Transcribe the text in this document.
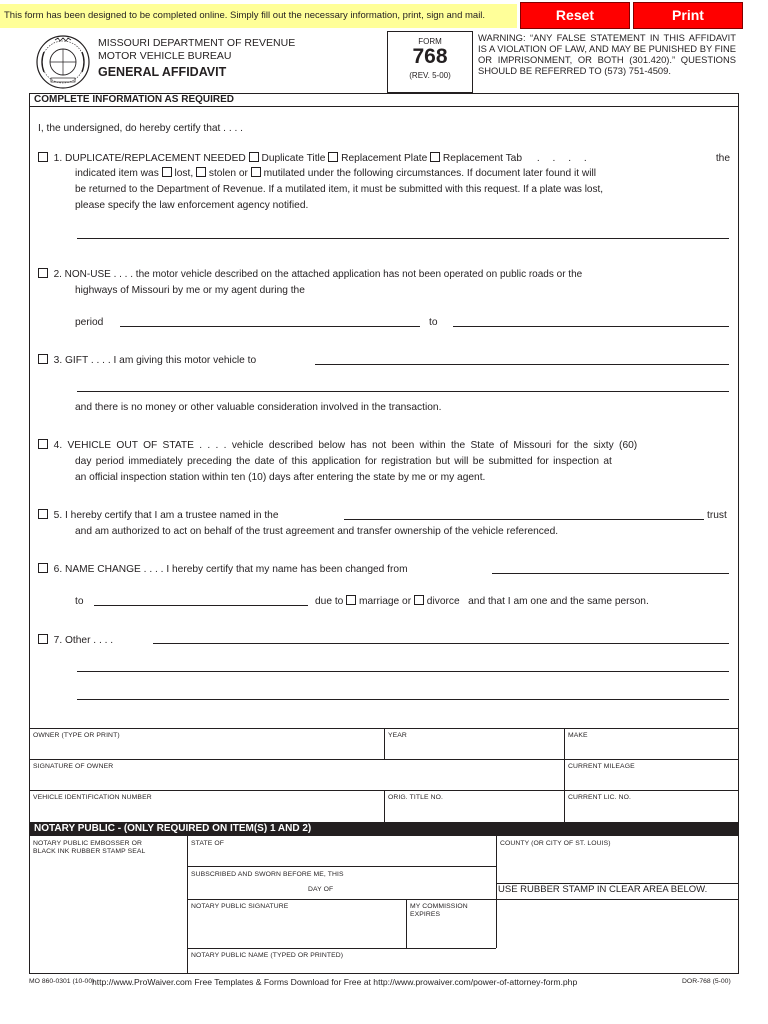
This form has been designed to be completed online. Simply fill out the necessary information, print, sign and mail.	Reset	Print
MISSOURI DEPARTMENT OF REVENUE
MOTOR VEHICLE BUREAU
GENERAL AFFIDAVIT
FORM
768
(REV. 5-00)
WARNING: “ANY FALSE STATEMENT IN THIS AFFIDAVIT IS A VIOLATION OF LAW, AND MAY BE PUNISHED BY FINE OR IMPRISONMENT, OR BOTH (301.420).” QUESTIONS SHOULD BE REFERRED TO (573) 751-4509.
COMPLETE INFORMATION AS REQUIRED
I, the undersigned, do hereby certify that . . . .
1. DUPLICATE/REPLACEMENT NEEDED Duplicate Title Replacement Plate Replacement Tab . . . .	the
indicated item was lost, stolen or mutilated under the following circumstances. If document later found it will
be returned to the Department of Revenue. If a mutilated item, it must be submitted with this request. If a plate was lost,
please specify the law enforcement agency notified.
2. NON-USE . . . . the motor vehicle described on the attached application has not been operated on public roads or the
highways of Missouri by me or my agent during the
period	to
3. GIFT . . . . I am giving this motor vehicle to
and there is no money or other valuable consideration involved in the transaction.
4. VEHICLE OUT OF STATE . . . . vehicle described below has not been within the State of Missouri for the sixty (60)
day period immediately preceding the date of this application for registration but will be submitted for inspection at
an official inspection station within ten (10) days after entering the state by me or my agent.
5. I hereby certify that I am a trustee named in the	trust
and am authorized to act on behalf of the trust agreement and transfer ownership of the vehicle referenced.
6. NAME CHANGE . . . . I hereby certify that my name has been changed from
to	due to marriage or divorce and that I am one and the same person.
7. Other . . . .
OWNER (TYPE OR PRINT)	YEAR	MAKE
SIGNATURE OF OWNER	CURRENT MILEAGE
VEHICLE IDENTIFICATION NUMBER	ORIG. TITLE NO.	CURRENT LIC. NO.
NOTARY PUBLIC - (ONLY REQUIRED ON ITEM(S) 1 AND 2)
NOTARY PUBLIC EMBOSSER OR
BLACK INK RUBBER STAMP SEAL
STATE OF	COUNTY (OR CITY OF ST. LOUIS)
SUBSCRIBED AND SWORN BEFORE ME, THIS
DAY OF	USE RUBBER STAMP IN CLEAR AREA BELOW.
NOTARY PUBLIC SIGNATURE	MY COMMISSION
EXPIRES
NOTARY PUBLIC NAME (TYPED OR PRINTED)
MO 860-0301 (10-00)
http://www.ProWaiver.com Free Templates & Forms Download for Free at http://www.prowaiver.com/power-of-attorney-form.php	DOR-768 (5-00)
